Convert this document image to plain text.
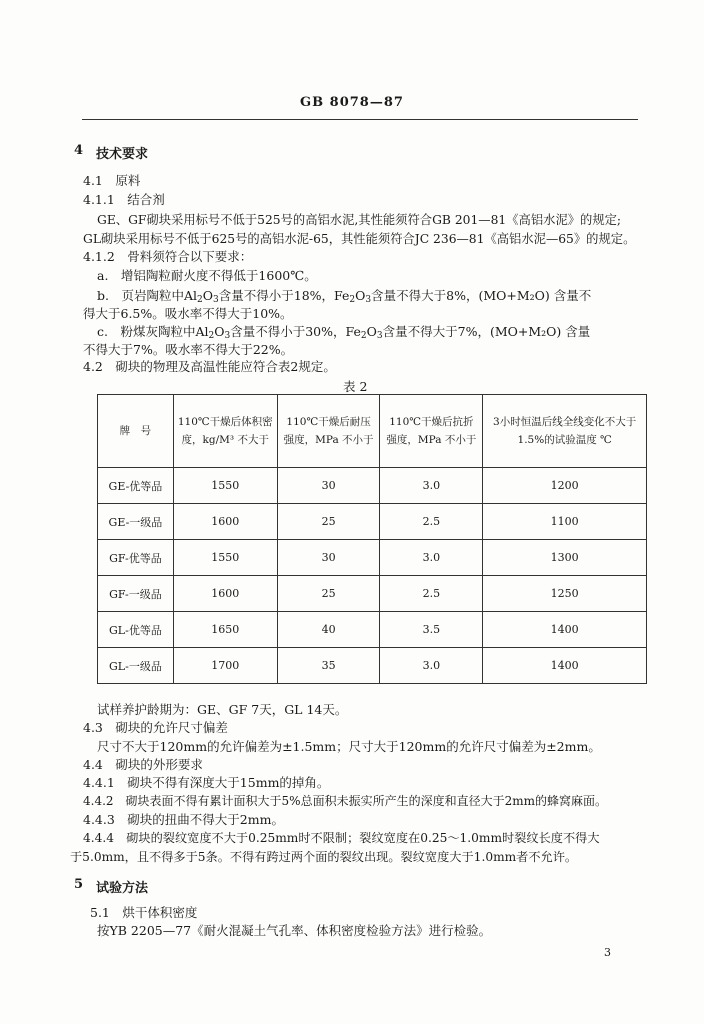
GB 8078—87
4 技术要求
4.1　原料
4.1.1　结合剂
GE、GF砌块采用标号不低于525号的高铝水泥,其性能须符合GB 201—81《高铝水泥》的规定;
GL砌块采用标号不低于625号的高铝水泥-65，其性能须符合JC 236—81《高铝水泥—65》的规定。
4.1.2　骨料须符合以下要求：
a.　增铝陶粒耐火度不得低于1600℃。
b.　页岩陶粒中$Al_2O_3$含量不得小于18%，$Fe_2O_3$含量不得大于8%，(MO+M₂O) 含量不
得大于6.5%。吸水率不得大于10%。
c.　粉煤灰陶粒中$Al_2O_3$含量不得小于30%，$Fe_2O_3$含量不得大于7%，(MO+M₂O) 含量
不得大于7%。吸水率不得大于22%。
4.2　砌块的物理及高温性能应符合表2规定。
表 2
牌　号	110℃干燥后体积密度，kg/M³ 不大于	110℃干燥后耐压强度，MPa 不小于	110℃干燥后抗折强度，MPa 不小于	3小时恒温后线全线变化不大于1.5%的试验温度 ℃
GE-优等品	1550	30	3.0	1200
GE-一级品	1600	25	2.5	1100
GF-优等品	1550	30	3.0	1300
GF-一级品	1600	25	2.5	1250
GL-优等品	1650	40	3.5	1400
GL-一级品	1700	35	3.0	1400
试样养护龄期为：GE、GF 7天，GL 14天。
4.3　砌块的允许尺寸偏差
尺寸不大于120mm的允许偏差为±1.5mm；尺寸大于120mm的允许尺寸偏差为±2mm。
4.4　砌块的外形要求
4.4.1　砌块不得有深度大于15mm的掉角。
4.4.2　砌块表面不得有累计面积大于5%总面积未振实所产生的深度和直径大于2mm的蜂窝麻面。
4.4.3　砌块的扭曲不得大于2mm。
4.4.4　砌块的裂纹宽度不大于0.25mm时不限制；裂纹宽度在0.25～1.0mm时裂纹长度不得大
于5.0mm，且不得多于5条。不得有跨过两个面的裂纹出现。裂纹宽度大于1.0mm者不允许。
5 试验方法
5.1　烘干体积密度
按YB 2205—77《耐火混凝土气孔率、体积密度检验方法》进行检验。
3
